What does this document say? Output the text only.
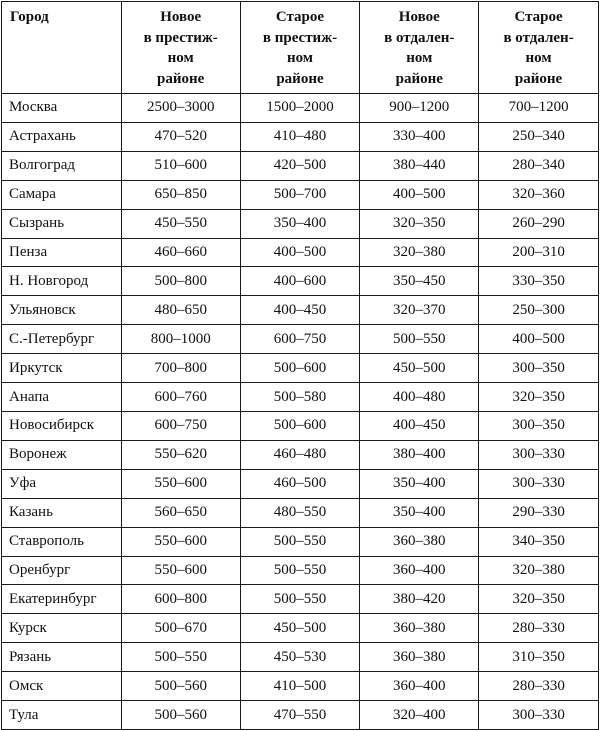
Город	Новое
в престиж-
ном
районе	Старое
в престиж-
ном
районе	Новое
в отдален-
ном
районе	Старое
в отдален-
ном
районе

Москва	2500–3000	1500–2000	900–1200	700–1200
Астрахань	470–520	410–480	330–400	250–340
Волгоград	510–600	420–500	380–440	280–340
Самара	650–850	500–700	400–500	320–360
Сызрань	450–550	350–400	320–350	260–290
Пенза	460–660	400–500	320–380	200–310
Н. Новгород	500–800	400–600	350–450	330–350
Ульяновск	480–650	400–450	320–370	250–300
С.-Петербург	800–1000	600–750	500–550	400–500
Иркутск	700–800	500–600	450–500	300–350
Анапа	600–760	500–580	400–480	320–350
Новосибирск	600–750	500–600	400–450	300–350
Воронеж	550–620	460–480	380–400	300–330
Уфа	550–600	460–500	350–400	300–330
Казань	560–650	480–550	350–400	290–330
Ставрополь	550–600	500–550	360–380	340–350
Оренбург	550–600	500–550	360–400	320–380
Екатеринбург	600–800	500–550	380–420	320–350
Курск	500–670	450–500	360–380	280–330
Рязань	500–550	450–530	360–380	310–350
Омск	500–560	410–500	360–400	280–330
Тула	500–560	470–550	320–400	300–330
